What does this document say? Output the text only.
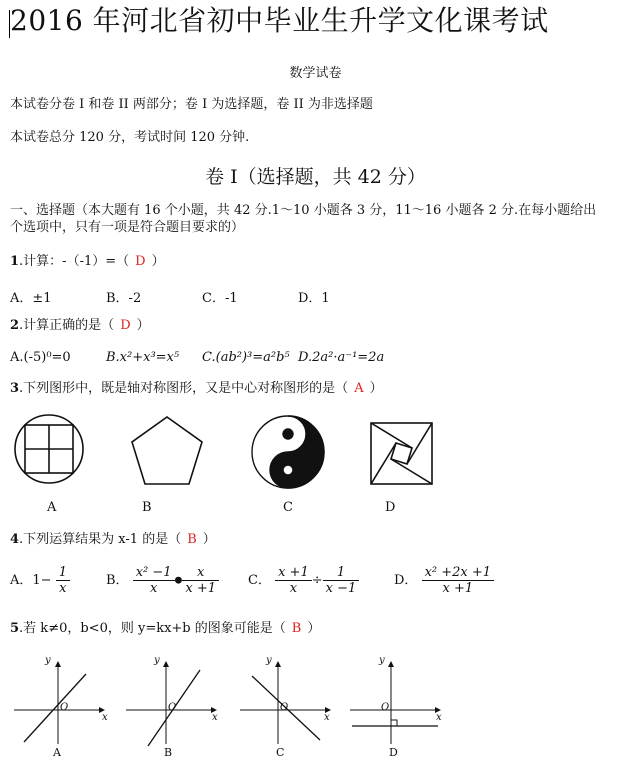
2016 年河北省初中毕业生升学文化课考试
数学试卷
本试卷分卷 I 和卷 II 两部分；卷 I 为选择题，卷 II 为非选择题
本试卷总分 120 分，考试时间 120 分钟.
卷 I（选择题，共 42 分）
一、选择题（本大题有 16 个小题，共 42 分.1～10 小题各 3 分，11～16 小题各 2 分.在每小题给出
个选项中，只有一项是符合题目要求的）
1.计算：-（-1）=（ D ）
A．±1	B．-2	C．-1	D．1
2.计算正确的是（ D ）
A.(-5)⁰=0	B.x²+x³=x⁵ C.(ab²)³=a²b⁵ D.2a²·a⁻¹=2a
3.下列图形中，既是轴对称图形，又是中心对称图形的是（ A ）
A	B	C	D
4.下列运算结果为 x-1 的是（ B ）
A．$1- \frac{1}{x}$	B． $\frac{\text{x² −1}}{x}$ ● $\frac{x}{x +1}$ C． $\frac{x +1}{x} \div \frac{1}{x -1}$	D． $\frac{\text{x² +2x +1}}{x +1}$
5.若 k≠0，b<0，则 y=kx+b 的图象可能是（ B ）
y
x
O
y
x
O
y
x
O
y
x
O
A	B	C	D
